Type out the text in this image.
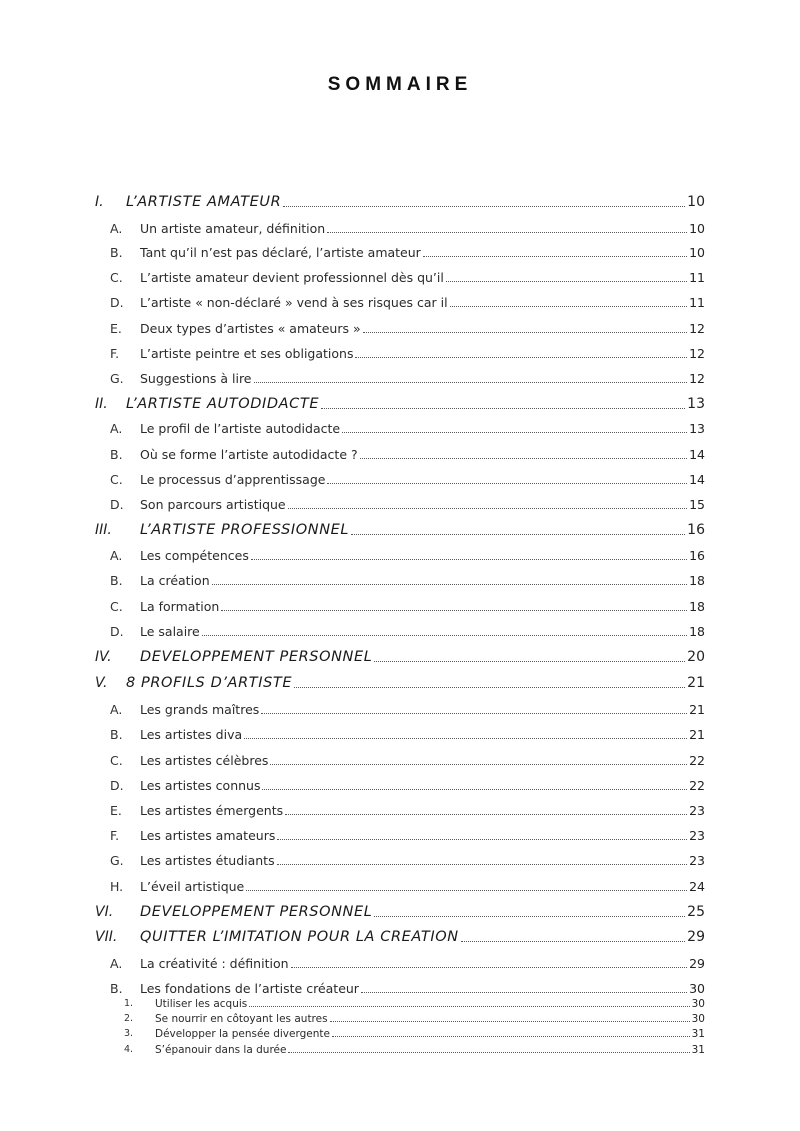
SOMMAIRE
I. L’ARTISTE AMATEUR	10
A. Un artiste amateur, définition	10
B. Tant qu’il n’est pas déclaré, l’artiste amateur	10
C. L’artiste amateur devient professionnel dès qu’il	11
D. L’artiste « non-déclaré » vend à ses risques car il	11
E. Deux types d’artistes « amateurs »	12
F. L’artiste peintre et ses obligations	12
G. Suggestions à lire	12
II. L’ARTISTE AUTODIDACTE	13
A. Le profil de l’artiste autodidacte	13
B. Où se forme l’artiste autodidacte ?	14
C. Le processus d’apprentissage	14
D. Son parcours artistique	15
III. L’ARTISTE PROFESSIONNEL	16
A. Les compétences	16
B. La création	18
C. La formation	18
D. Le salaire	18
IV. DEVELOPPEMENT PERSONNEL	20
V. 8 PROFILS D’ARTISTE	21
A. Les grands maîtres	21
B. Les artistes diva	21
C. Les artistes célèbres	22
D. Les artistes connus	22
E. Les artistes émergents	23
F. Les artistes amateurs	23
G. Les artistes étudiants	23
H. L’éveil artistique	24
VI. DEVELOPPEMENT PERSONNEL	25
VII. QUITTER L’IMITATION POUR LA CREATION	29
A. La créativité : définition	29
B. Les fondations de l’artiste créateur	30
1. Utiliser les acquis	30
2. Se nourrir en côtoyant les autres	30
3. Développer la pensée divergente	31
4. S’épanouir dans la durée	31
